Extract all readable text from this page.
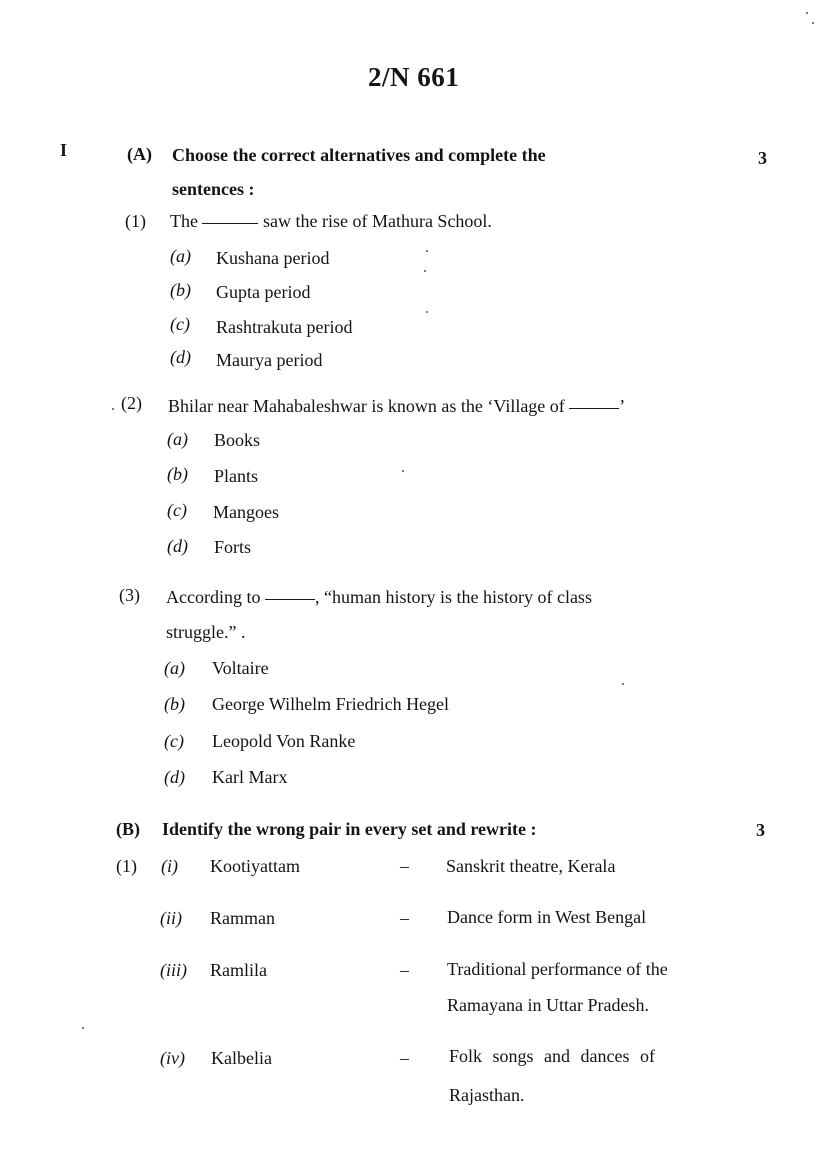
2/N 661
I	(A) Choose the correct alternatives and complete the
sentences :
3
(1) The	saw the rise of Mathura School.
(a) Kushana period
(b) Gupta period
(c) Rashtrakuta period
(d) Maurya period
(2) Bhilar near Mahabaleshwar is known as the ‘Village of	’
(a) Books
(b) Plants
(c) Mangoes
(d) Forts
(3) According to	, “human history is the history of class
struggle.” .
(a) Voltaire
(b) George Wilhelm Friedrich Hegel
(c) Leopold Von Ranke
(d) Karl Marx
(B) Identify the wrong pair in every set and rewrite :	3
(1) (i) Kootiyattam	– Sanskrit theatre, Kerala
(ii) Ramman	– Dance form in West Bengal
(iii) Ramlila	– Traditional performance of the
Ramayana in Uttar Pradesh.
(iv) Kalbelia	– Folk songs and dances of
Rajasthan.
